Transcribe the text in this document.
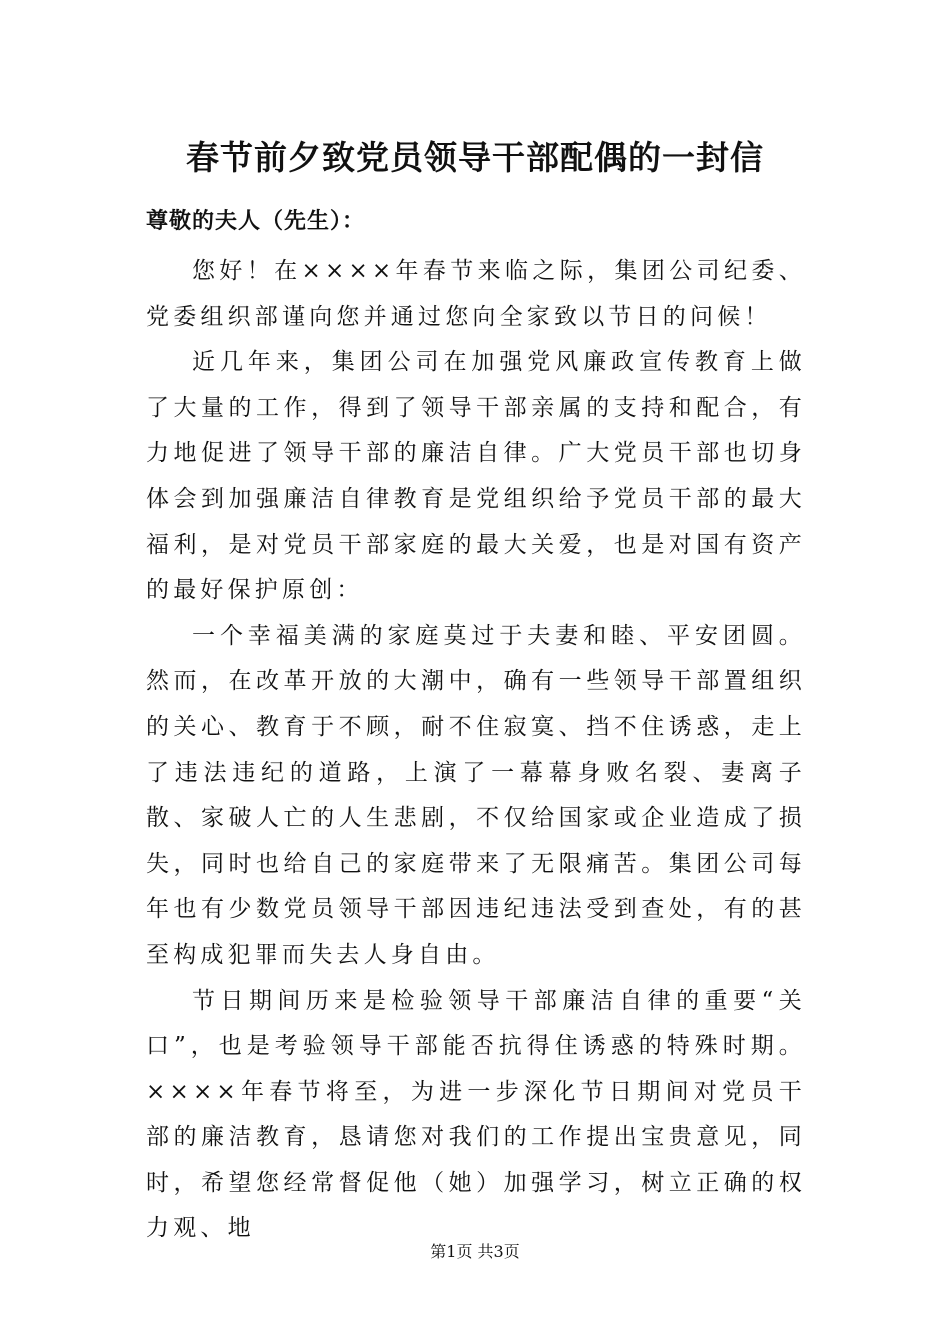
春节前夕致党员领导干部配偶的一封信

尊敬的夫人（先生）：

您好！在××××年春节来临之际，集团公司纪委、党委组织部谨向您并通过您向全家致以节日的问候！

近几年来，集团公司在加强党风廉政宣传教育上做了大量的工作，得到了领导干部亲属的支持和配合，有力地促进了领导干部的廉洁自律。广大党员干部也切身体会到加强廉洁自律教育是党组织给予党员干部的最大福利，是对党员干部家庭的最大关爱，也是对国有资产的最好保护原创：

一个幸福美满的家庭莫过于夫妻和睦、平安团圆。然而，在改革开放的大潮中，确有一些领导干部置组织的关心、教育于不顾，耐不住寂寞、挡不住诱惑，走上了违法违纪的道路，上演了一幕幕身败名裂、妻离子散、家破人亡的人生悲剧，不仅给国家或企业造成了损失，同时也给自己的家庭带来了无限痛苦。集团公司每年也有少数党员领导干部因违纪违法受到查处，有的甚至构成犯罪而失去人身自由。

节日期间历来是检验领导干部廉洁自律的重要“关口”，也是考验领导干部能否抗得住诱惑的特殊时期。××××年春节将至，为进一步深化节日期间对党员干部的廉洁教育，恳请您对我们的工作提出宝贵意见，同时，希望您经常督促他（她）加强学习，树立正确的权力观、地

第1页 共3页
